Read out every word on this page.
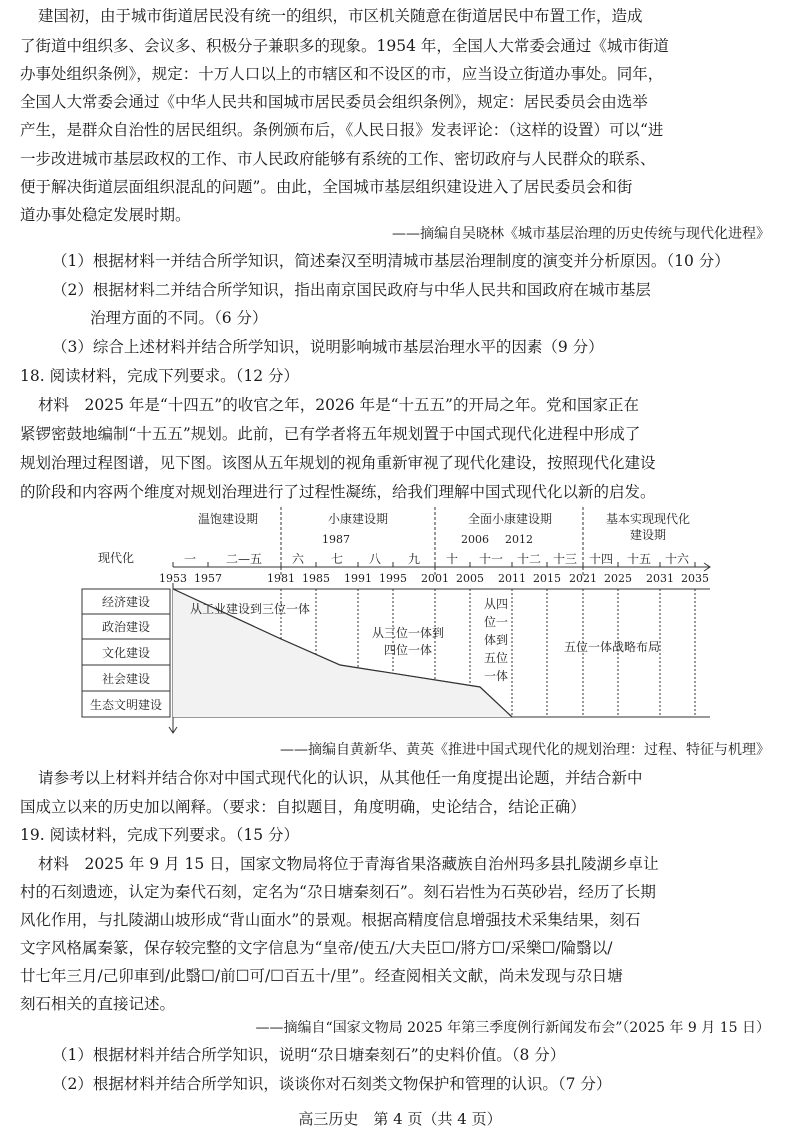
建国初，由于城市街道居民没有统一的组织，市区机关随意在街道居民中布置工作，造成
了街道中组织多、会议多、积极分子兼职多的现象。1954 年，全国人大常委会通过《城市街道
办事处组织条例》，规定：十万人口以上的市辖区和不设区的市，应当设立街道办事处。同年，
全国人大常委会通过《中华人民共和国城市居民委员会组织条例》，规定：居民委员会由选举
产生，是群众自治性的居民组织。条例颁布后，《人民日报》发表评论：（这样的设置）可以“进
一步改进城市基层政权的工作、市人民政府能够有系统的工作、密切政府与人民群众的联系、
便于解决街道层面组织混乱的问题”。由此，全国城市基层组织建设进入了居民委员会和街
道办事处稳定发展时期。
——摘编自吴晓林《城市基层治理的历史传统与现代化进程》
（1）根据材料一并结合所学知识，简述秦汉至明清城市基层治理制度的演变并分析原因。（10 分）
（2）根据材料二并结合所学知识，指出南京国民政府与中华人民共和国政府在城市基层
治理方面的不同。（6 分）
（3）综合上述材料并结合所学知识，说明影响城市基层治理水平的因素（9 分）
18. 阅读材料，完成下列要求。（12 分）
材料　2025 年是“十四五”的收官之年，2026 年是“十五五”的开局之年。党和国家正在
紧锣密鼓地编制“十五五”规划。此前，已有学者将五年规划置于中国式现代化进程中形成了
规划治理过程图谱，见下图。该图从五年规划的视角重新审视了现代化建设，按照现代化建设
的阶段和内容两个维度对规划治理进行了过程性凝练，给我们理解中国式现代化以新的启发。
温饱建设期	小康建设期	全面小康建设期	基本实现现代化
建设期
1987	2006 2012
现代化	一 二—五 六 七 八 九 十 十一 十二 十三 十四 十五 十六
1953 1957	1981 1985 1991 1995 2001 2005 2011 2015 2021 2025 2031 2035
经济建设
政治建设
文化建设
社会建设
生态文明建设
从工业建设到三位一体
从三位一体到
四位一体
从四
位一
体到
五位
一体
五位一体战略布局
——摘编自黄新华、黄英《推进中国式现代化的规划治理：过程、特征与机理》
请参考以上材料并结合你对中国式现代化的认识，从其他任一角度提出论题，并结合新中
国成立以来的历史加以阐释。（要求：自拟题目，角度明确，史论结合，结论正确）
19. 阅读材料，完成下列要求。（15 分）
材料　2025 年 9 月 15 日，国家文物局将位于青海省果洛藏族自治州玛多县扎陵湖乡卓让
村的石刻遗迹，认定为秦代石刻，定名为“尕日塘秦刻石”。刻石岩性为石英砂岩，经历了长期
风化作用，与扎陵湖山坡形成“背山面水”的景观。根据高精度信息增强技术采集结果，刻石
文字风格属秦篆，保存较完整的文字信息为“皇帝/使五/大夫臣☐/將方☐/采樂☐/陯翳以/
廿七年三月/己卯車到/此翳☐/前☐可/☐百五十/里”。经查阅相关文献，尚未发现与尕日塘
刻石相关的直接记述。
——摘编自“国家文物局 2025 年第三季度例行新闻发布会”（2025 年 9 月 15 日）
（1）根据材料并结合所学知识，说明“尕日塘秦刻石”的史料价值。（8 分）
（2）根据材料并结合所学知识，谈谈你对石刻类文物保护和管理的认识。（7 分）
高三历史　第 4 页（共 4 页）
